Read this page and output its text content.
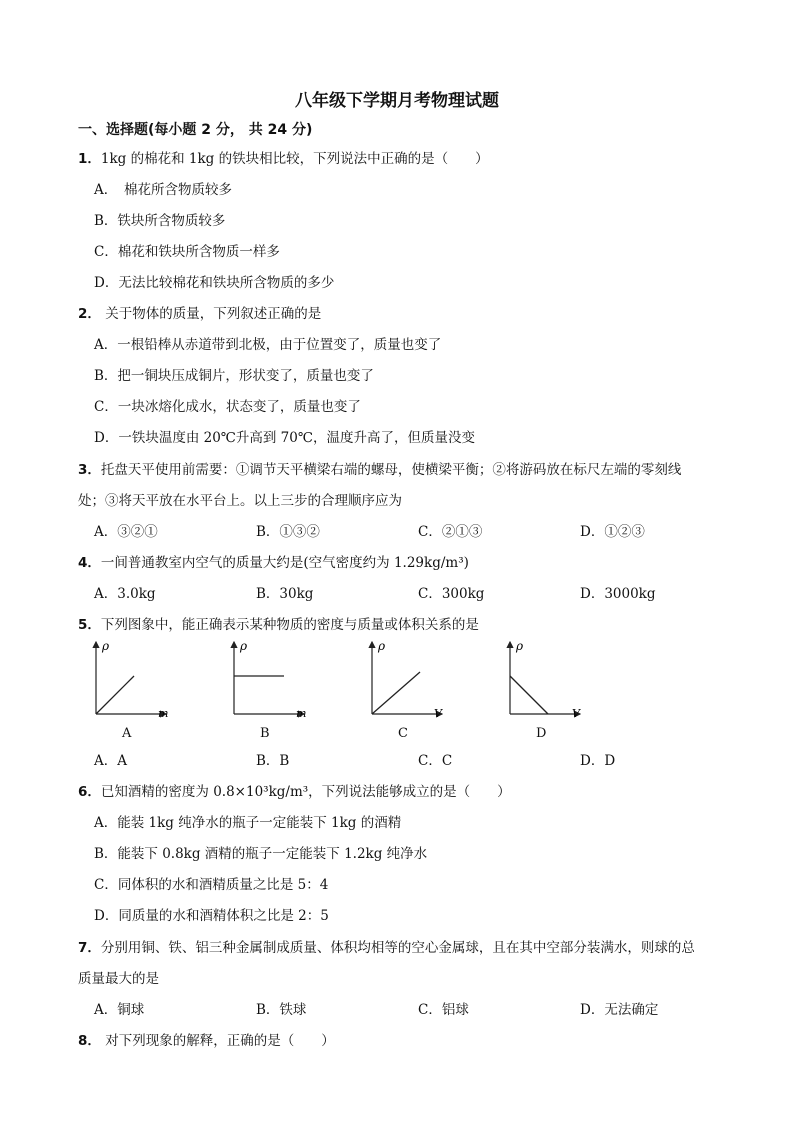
八年级下学期月考物理试题
一、选择题(每小题 2 分， 共 24 分)
1．1kg 的棉花和 1kg 的铁块相比较，下列说法中正确的是（　　）
A．　棉花所含物质较多
B．铁块所含物质较多
C．棉花和铁块所含物质一样多
D．无法比较棉花和铁块所含物质的多少
2． 关于物体的质量，下列叙述正确的是
A．一根铅棒从赤道带到北极，由于位置变了，质量也变了
B．把一铜块压成铜片，形状变了，质量也变了
C．一块冰熔化成水，状态变了，质量也变了
D．一铁块温度由 20℃升高到 70℃，温度升高了，但质量没变
3．托盘天平使用前需要：①调节天平横梁右端的螺母，使横梁平衡；②将游码放在标尺左端的零刻线
处；③将天平放在水平台上。以上三步的合理顺序应为
A．③②①	B．①③②	C．②①③	D．①②③
4．一间普通教室内空气的质量大约是(空气密度约为 1.29kg/m³)
A．3.0kg	B．30kg	C．300kg	D．3000kg
5．下列图象中，能正确表示某种物质的密度与质量或体积关系的是
ρ
m
A
ρ
m
B
ρ
V
C
ρ
V
D
A．A	B．B	C．C	D．D
6．已知酒精的密度为 0.8×10³kg/m³，下列说法能够成立的是（　　）
A．能装 1kg 纯净水的瓶子一定能装下 1kg 的酒精
B．能装下 0.8kg 酒精的瓶子一定能装下 1.2kg 纯净水
C．同体积的水和酒精质量之比是 5：4
D．同质量的水和酒精体积之比是 2：5
7．分别用铜、铁、铝三种金属制成质量、体积均相等的空心金属球，且在其中空部分装满水，则球的总
质量最大的是
A．铜球	B．铁球	C．铝球	D．无法确定
8． 对下列现象的解释，正确的是（　　）
